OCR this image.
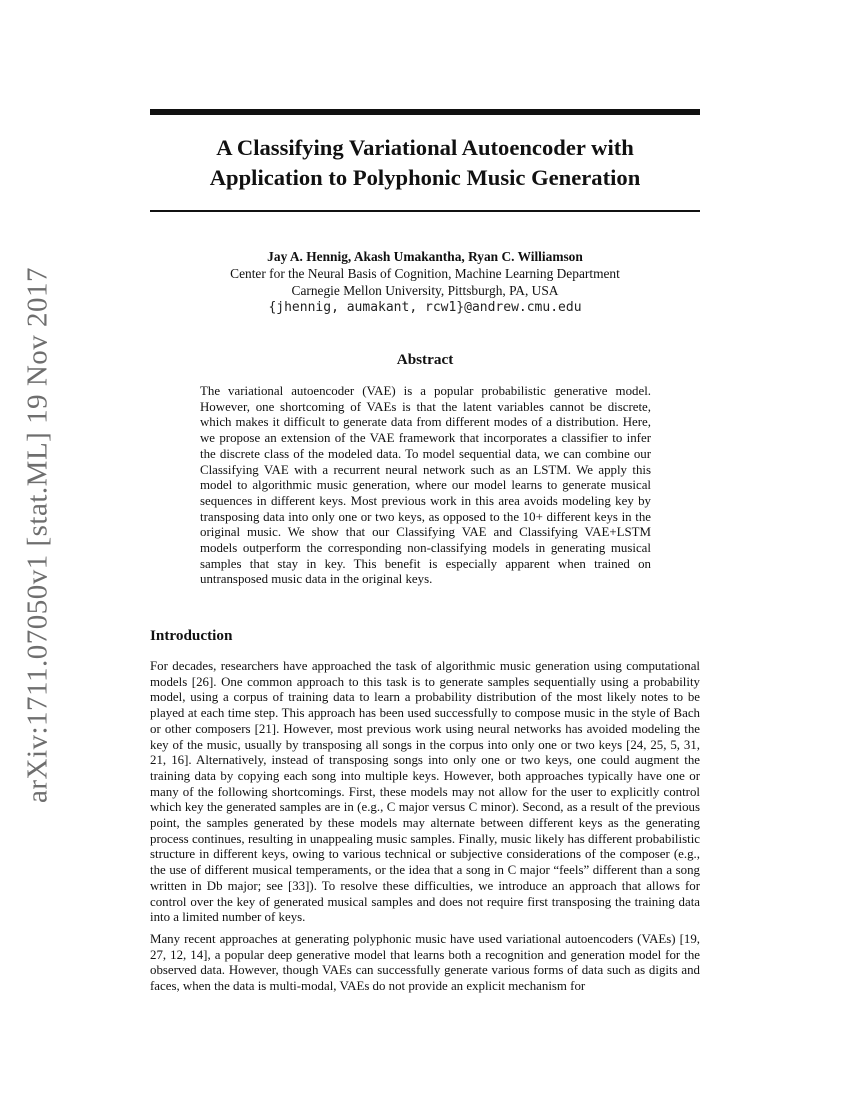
arXiv:1711.07050v1 [stat.ML] 19 Nov 2017
A Classifying Variational Autoencoder with
Application to Polyphonic Music Generation
Jay A. Hennig, Akash Umakantha, Ryan C. Williamson
Center for the Neural Basis of Cognition, Machine Learning Department
Carnegie Mellon University, Pittsburgh, PA, USA
{jhennig, aumakant, rcw1}@andrew.cmu.edu
Abstract

The variational autoencoder (VAE) is a popular probabilistic generative model. However, one shortcoming of VAEs is that the latent variables cannot be discrete, which makes it difficult to generate data from different modes of a distribution. Here, we propose an extension of the VAE framework that incorporates a classifier to infer the discrete class of the modeled data. To model sequential data, we can combine our Classifying VAE with a recurrent neural network such as an LSTM. We apply this model to algorithmic music generation, where our model learns to generate musical sequences in different keys. Most previous work in this area avoids modeling key by transposing data into only one or two keys, as opposed to the 10+ different keys in the original music. We show that our Classifying VAE and Classifying VAE+LSTM models outperform the corresponding non-classifying models in generating musical samples that stay in key. This benefit is especially apparent when trained on untransposed music data in the original keys.

Introduction

For decades, researchers have approached the task of algorithmic music generation using computational models [26]. One common approach to this task is to generate samples sequentially using a probability model, using a corpus of training data to learn a probability distribution of the most likely notes to be played at each time step. This approach has been used successfully to compose music in the style of Bach or other composers [21]. However, most previous work using neural networks has avoided modeling the key of the music, usually by transposing all songs in the corpus into only one or two keys [24, 25, 5, 31, 21, 16]. Alternatively, instead of transposing songs into only one or two keys, one could augment the training data by copying each song into multiple keys. However, both approaches typically have one or many of the following shortcomings. First, these models may not allow for the user to explicitly control which key the generated samples are in (e.g., C major versus C minor). Second, as a result of the previous point, the samples generated by these models may alternate between different keys as the generating process continues, resulting in unappealing music samples. Finally, music likely has different probabilistic structure in different keys, owing to various technical or subjective considerations of the composer (e.g., the use of different musical temperaments, or the idea that a song in C major “feels” different than a song written in Db major; see [33]). To resolve these difficulties, we introduce an approach that allows for control over the key of generated musical samples and does not require first transposing the training data into a limited number of keys.

Many recent approaches at generating polyphonic music have used variational autoencoders (VAEs) [19, 27, 12, 14], a popular deep generative model that learns both a recognition and generation model for the observed data. However, though VAEs can successfully generate various forms of data such as digits and faces, when the data is multi-modal, VAEs do not provide an explicit mechanism for
